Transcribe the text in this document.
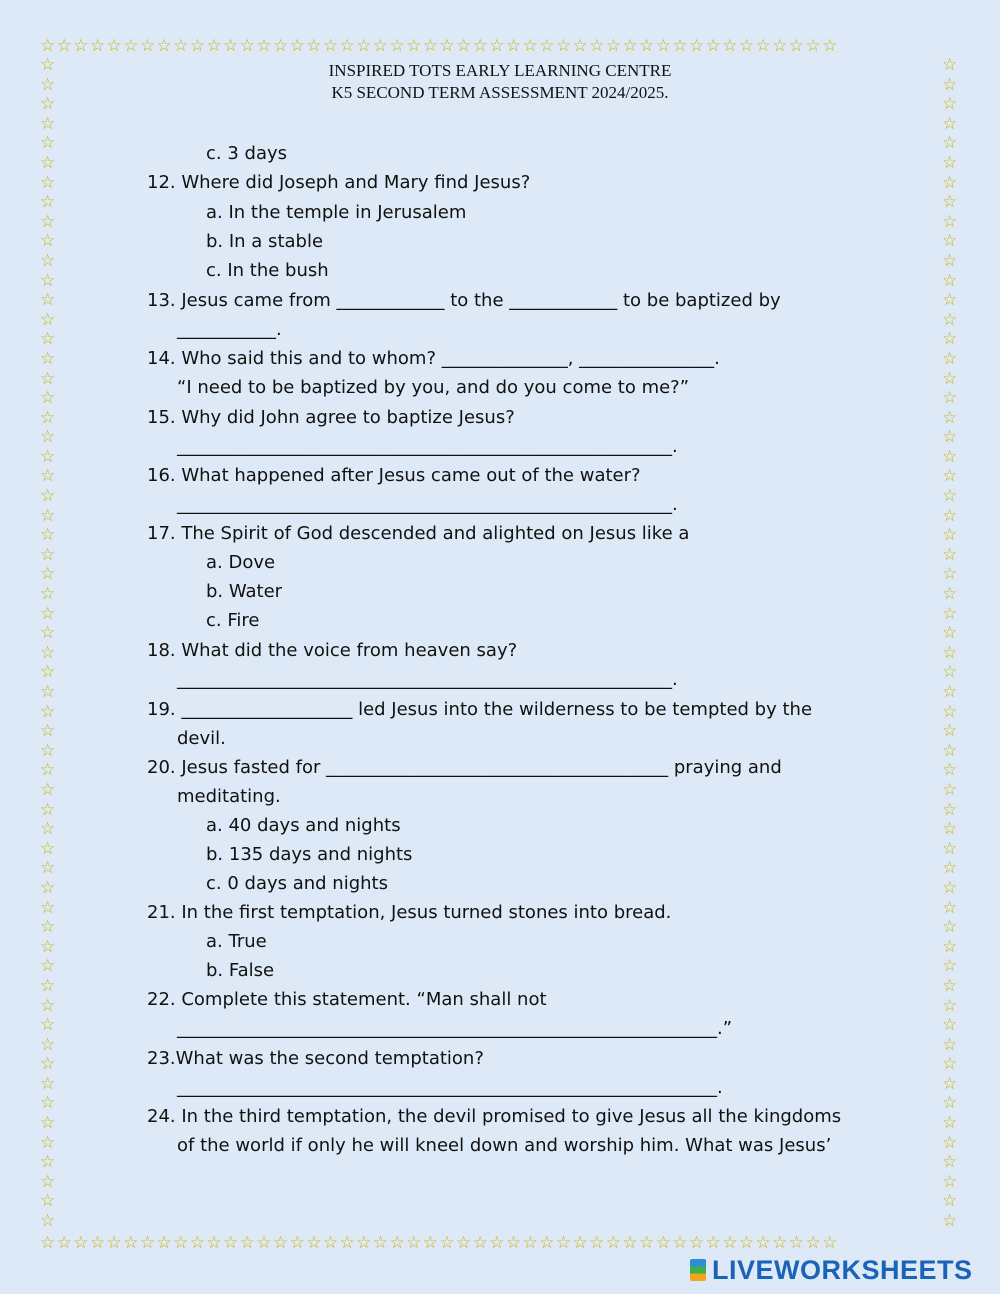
☆☆☆☆☆☆☆☆☆☆☆☆☆☆☆☆☆☆☆☆☆☆☆☆☆☆☆☆☆☆☆☆☆☆☆☆☆☆☆☆☆☆☆☆☆☆☆☆
☆☆☆☆☆☆☆☆☆☆☆☆☆☆☆☆☆☆☆☆☆☆☆☆☆☆☆☆☆☆☆☆☆☆☆☆☆☆☆☆☆☆☆☆☆☆☆☆
☆☆☆☆☆☆☆☆☆☆☆☆☆☆☆☆☆☆☆☆☆☆☆☆☆☆☆☆☆☆☆☆☆☆☆☆☆☆☆☆☆☆☆☆☆☆☆☆☆☆☆☆☆☆☆☆☆☆☆☆
☆☆☆☆☆☆☆☆☆☆☆☆☆☆☆☆☆☆☆☆☆☆☆☆☆☆☆☆☆☆☆☆☆☆☆☆☆☆☆☆☆☆☆☆☆☆☆☆☆☆☆☆☆☆☆☆☆☆☆☆
INSPIRED TOTS EARLY LEARNING CENTRE
K5 SECOND TERM ASSESSMENT 2024/2025.
c. 3 days
12. Where did Joseph and Mary find Jesus?
a. In the temple in Jerusalem
b. In a stable
c. In the bush
13. Jesus came from ____________ to the ____________ to be baptized by
___________.
14. Who said this and to whom? ______________, _______________.
“I need to be baptized by you, and do you come to me?”
15. Why did John agree to baptize Jesus?
_______________________________________________________.
16. What happened after Jesus came out of the water?
_______________________________________________________.
17. The Spirit of God descended and alighted on Jesus like a
a. Dove
b. Water
c. Fire
18. What did the voice from heaven say?
_______________________________________________________.
19. ___________________ led Jesus into the wilderness to be tempted by the
devil.
20. Jesus fasted for ______________________________________ praying and
meditating.
a. 40 days and nights
b. 135 days and nights
c. 0 days and nights
21. In the first temptation, Jesus turned stones into bread.
a. True
b. False
22. Complete this statement. “Man shall not
____________________________________________________________.”
23.What was the second temptation?
____________________________________________________________.
24. In the third temptation, the devil promised to give Jesus all the kingdoms
of the world if only he will kneel down and worship him. What was Jesus’
LIVEWORKSHEETS
